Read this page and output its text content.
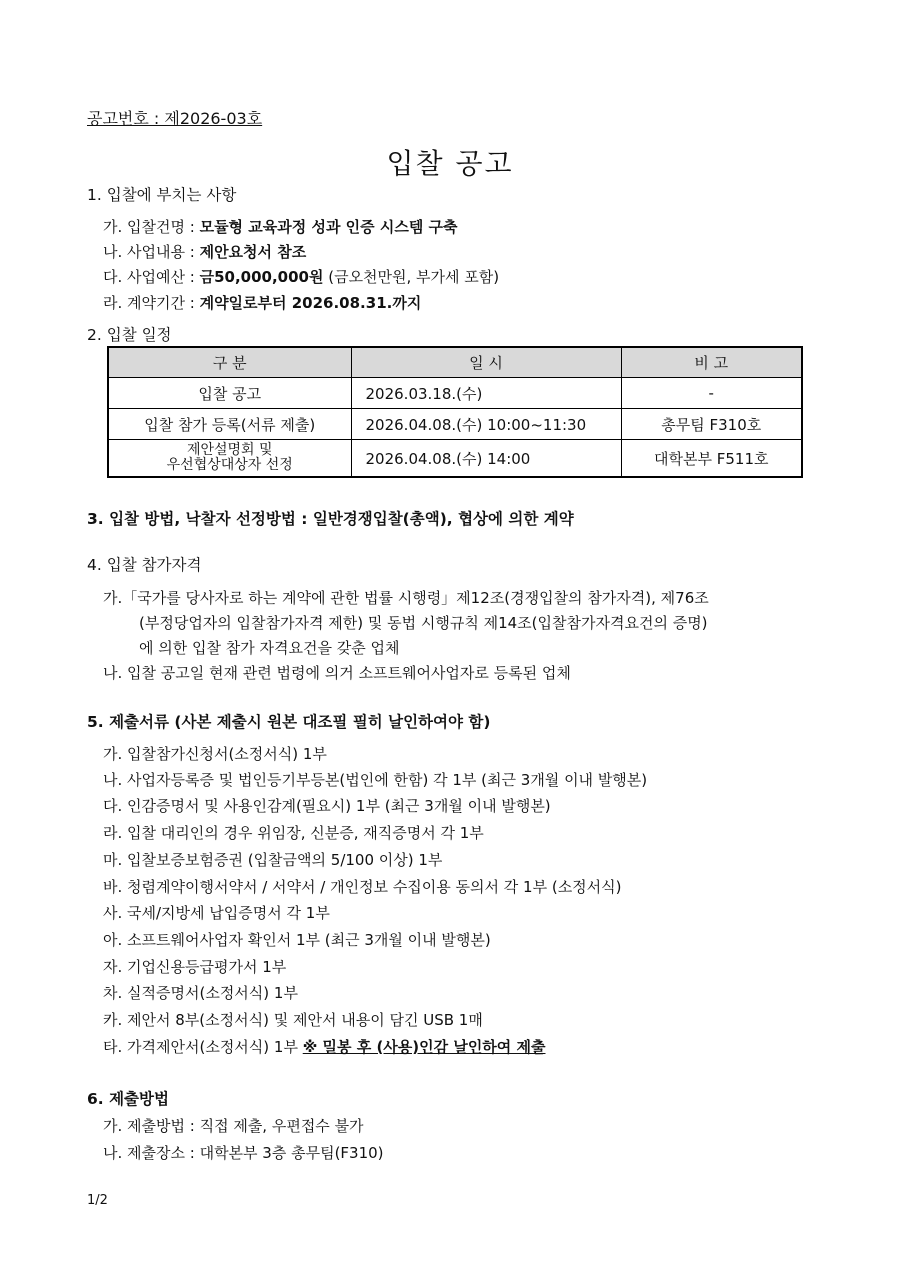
공고번호 : 제2026-03호
입찰 공고
1. 입찰에 부치는 사항
가. 입찰건명 : 모듈형 교육과정 성과 인증 시스템 구축
나. 사업내용 : 제안요청서 참조
다. 사업예산 : 금50,000,000원 (금오천만원, 부가세 포함)
라. 계약기간 : 계약일로부터 2026.08.31.까지
2. 입찰 일정
구 분	일 시	비 고
입찰 공고	2026.03.18.(수)	-
입찰 참가 등록(서류 제출)	2026.04.08.(수) 10:00~11:30	총무팀 F310호

제안설명회 및
우선협상대상자 선정	2026.04.08.(수) 14:00	대학본부 F511호
3. 입찰 방법, 낙찰자 선정방법 : 일반경쟁입찰(총액), 협상에 의한 계약
4. 입찰 참가자격
가.「국가를 당사자로 하는 계약에 관한 법률 시행령」제12조(경쟁입찰의 참가자격), 제76조
(부정당업자의 입찰참가자격 제한) 및 동법 시행규칙 제14조(입찰참가자격요건의 증명)
에 의한 입찰 참가 자격요건을 갖춘 업체
나. 입찰 공고일 현재 관련 법령에 의거 소프트웨어사업자로 등록된 업체
5. 제출서류 (사본 제출시 원본 대조필 필히 날인하여야 함)
가. 입찰참가신청서(소정서식) 1부
나. 사업자등록증 및 법인등기부등본(법인에 한함) 각 1부 (최근 3개월 이내 발행본)
다. 인감증명서 및 사용인감계(필요시) 1부 (최근 3개월 이내 발행본)
라. 입찰 대리인의 경우 위임장, 신분증, 재직증명서 각 1부
마. 입찰보증보험증권 (입찰금액의 5/100 이상) 1부
바. 청렴계약이행서약서 / 서약서 / 개인정보 수집이용 동의서 각 1부 (소정서식)
사. 국세/지방세 납입증명서 각 1부
아. 소프트웨어사업자 확인서 1부 (최근 3개월 이내 발행본)
자. 기업신용등급평가서 1부
차. 실적증명서(소정서식) 1부
카. 제안서 8부(소정서식) 및 제안서 내용이 담긴 USB 1매
타. 가격제안서(소정서식) 1부 ※ 밀봉 후 (사용)인감 날인하여 제출
6. 제출방법
가. 제출방법 : 직접 제출, 우편접수 불가
나. 제출장소 : 대학본부 3층 총무팀(F310)
1/2
